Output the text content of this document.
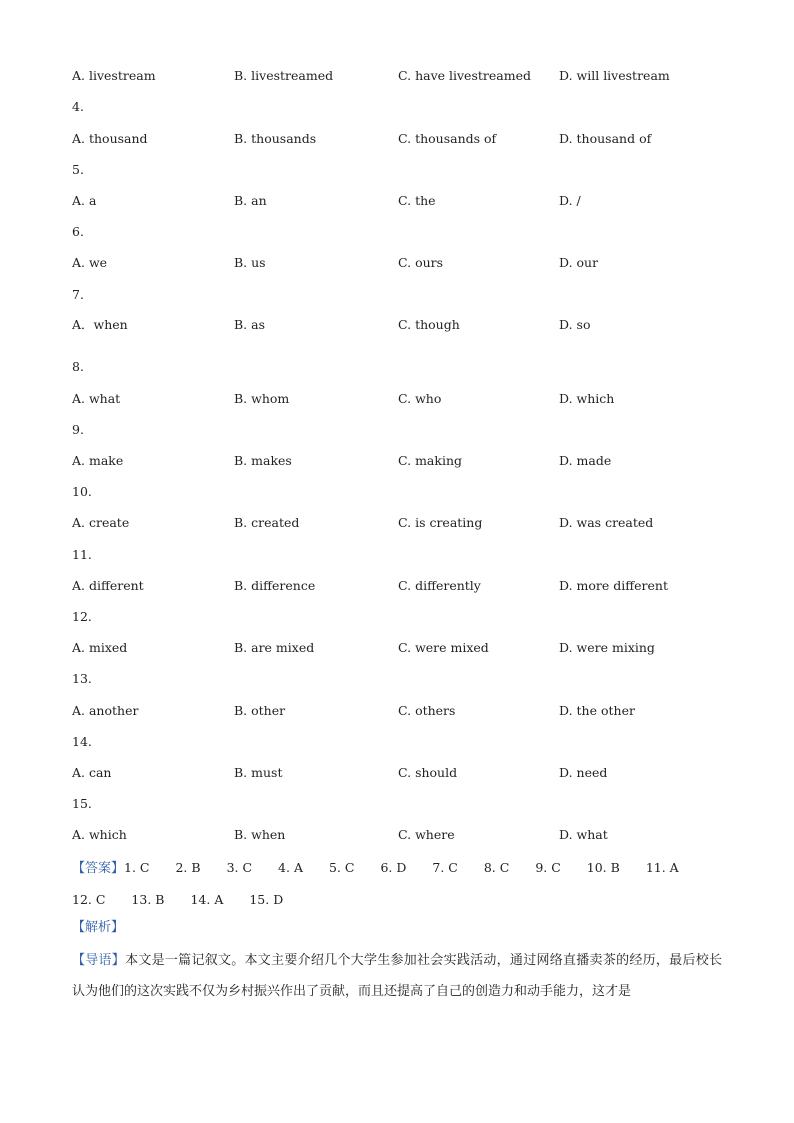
A. livestream	B. livestreamed	C. have livestreamed D. will livestream
4.
A. thousand	B. thousands	C. thousands of	D. thousand of
5.
A. a	B. an	C. the	D. /
6.
A. we	B. us	C. ours	D. our
7.
A．when	B. as	C. though	D. so
8.
A. what	B. whom	C. who	D. which
9.
A. make	B. makes	C. making	D. made
10.
A. create	B. created	C. is creating	D. was created
11.
A. different	B. difference	C. differently	D. more different
12.
A. mixed	B. are mixed	C. were mixed	D. were mixing
13.
A. another	B. other	C. others	D. the other
14.
A. can	B. must	C. should	D. need
15.
A. which	B. when	C. where	D. what
【答案】1. C 2. B 3. C 4. A 5. C 6. D 7. C 8. C 9. C 10. B 11. A12. C 13. B 14. A 15. D
【解析】
【导语】本文是一篇记叙文。本文主要介绍几个大学生参加社会实践活动，通过网络直播卖茶的经历，最后校长认为他们的这次实践不仅为乡村振兴作出了贡献，而且还提高了自己的创造力和动手能力，这才是
